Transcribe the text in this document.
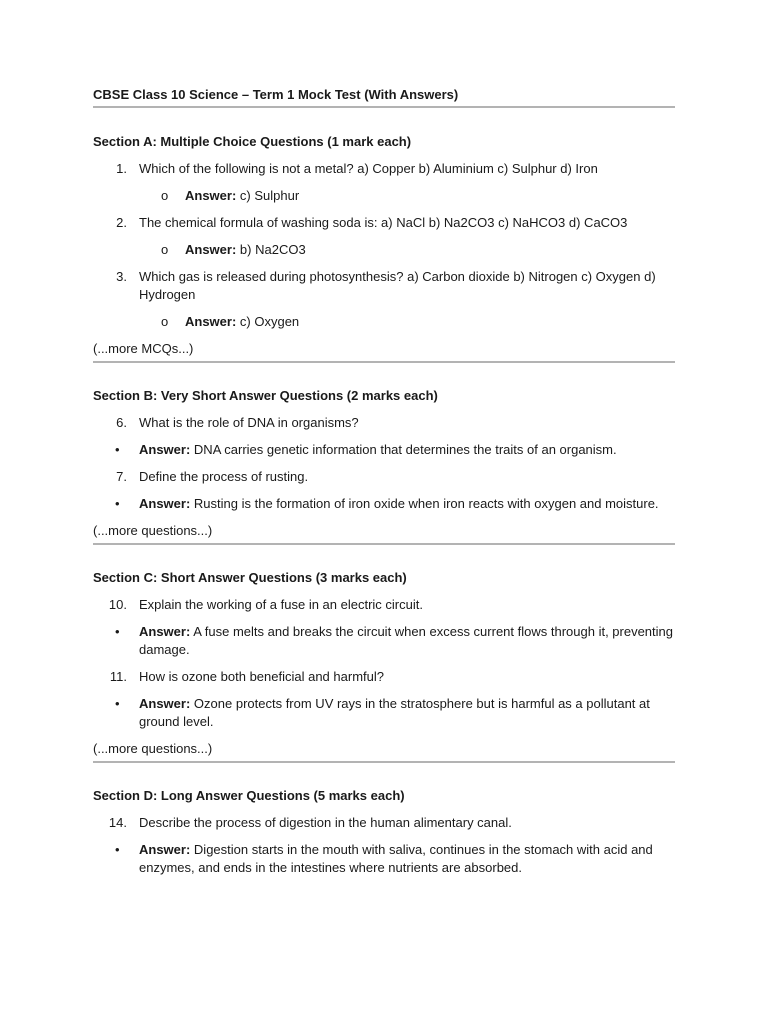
CBSE Class 10 Science – Term 1 Mock Test (With Answers)

Section A: Multiple Choice Questions (1 mark each)

1. Which of the following is not a metal? a) Copper b) Aluminium c) Sulphur d) Iron

o Answer: c) Sulphur

2. The chemical formula of washing soda is: a) NaCl b) Na2CO3 c) NaHCO3 d) CaCO3

o Answer: b) Na2CO3

3. Which gas is released during photosynthesis? a) Carbon dioxide b) Nitrogen c) Oxygen d) Hydrogen

o Answer: c) Oxygen

(...more MCQs...)

Section B: Very Short Answer Questions (2 marks each)

6. What is the role of DNA in organisms?

• Answer: DNA carries genetic information that determines the traits of an organism.

7. Define the process of rusting.

• Answer: Rusting is the formation of iron oxide when iron reacts with oxygen and moisture.

(...more questions...)

Section C: Short Answer Questions (3 marks each)

10. Explain the working of a fuse in an electric circuit.

• Answer: A fuse melts and breaks the circuit when excess current flows through it, preventing damage.

11. How is ozone both beneficial and harmful?

• Answer: Ozone protects from UV rays in the stratosphere but is harmful as a pollutant at ground level.

(...more questions...)

Section D: Long Answer Questions (5 marks each)

14. Describe the process of digestion in the human alimentary canal.

• Answer: Digestion starts in the mouth with saliva, continues in the stomach with acid and enzymes, and ends in the intestines where nutrients are absorbed.
